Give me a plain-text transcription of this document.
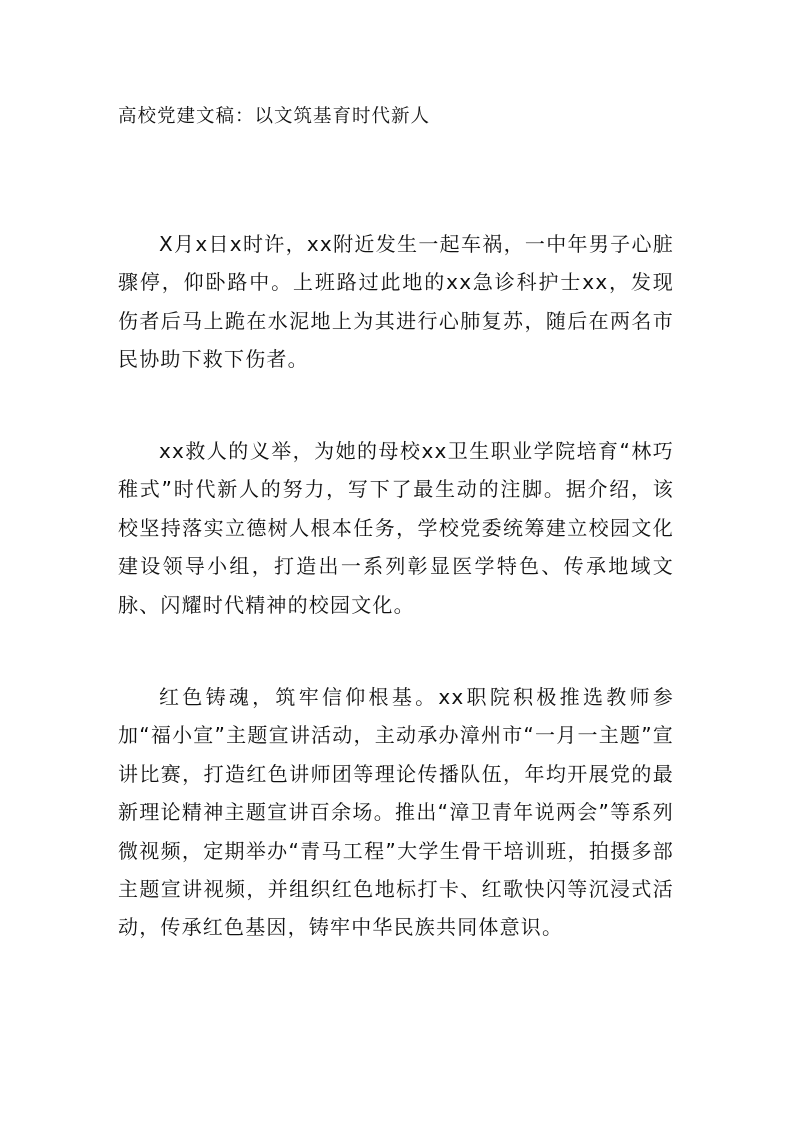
高校党建文稿：以文筑基育时代新人

X月x日x时许，xx附近发生一起车祸，一中年男子心脏骤停，仰卧路中。上班路过此地的xx急诊科护士xx，发现伤者后马上跪在水泥地上为其进行心肺复苏，随后在两名市民协助下救下伤者。

xx救人的义举，为她的母校xx卫生职业学院培育“林巧稚式”时代新人的努力，写下了最生动的注脚。据介绍，该校坚持落实立德树人根本任务，学校党委统筹建立校园文化建设领导小组，打造出一系列彰显医学特色、传承地域文脉、闪耀时代精神的校园文化。

红色铸魂，筑牢信仰根基。xx职院积极推选教师参加“福小宣”主题宣讲活动，主动承办漳州市“一月一主题”宣讲比赛，打造红色讲师团等理论传播队伍，年均开展党的最新理论精神主题宣讲百余场。推出“漳卫青年说两会”等系列微视频，定期举办“青马工程”大学生骨干培训班，拍摄多部主题宣讲视频，并组织红色地标打卡、红歌快闪等沉浸式活动，传承红色基因，铸牢中华民族共同体意识。
